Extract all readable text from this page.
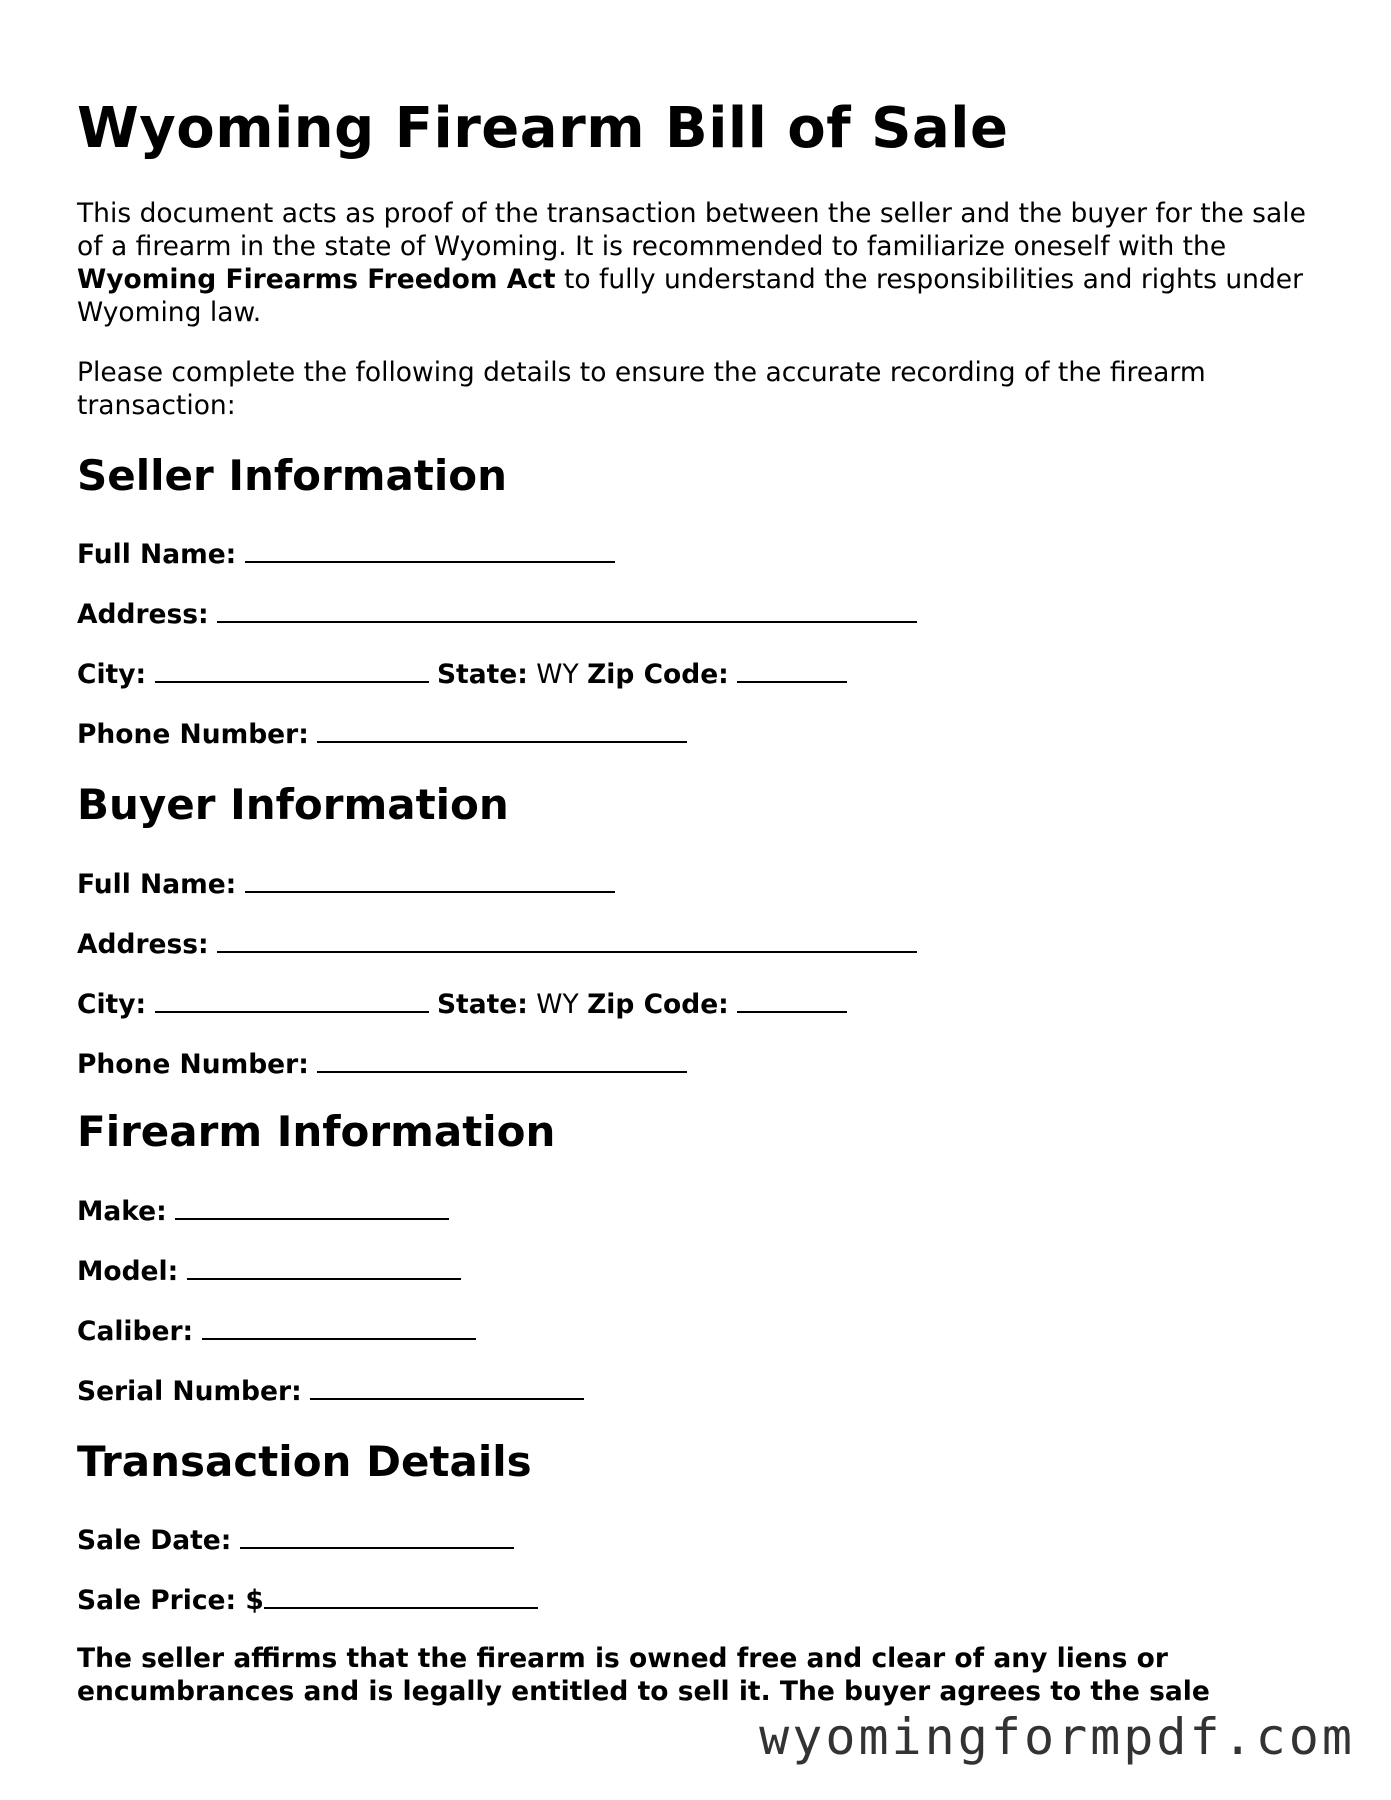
Wyoming Firearm Bill of Sale

This document acts as proof of the transaction between the seller and the buyer for the sale of a firearm in the state of Wyoming. It is recommended to familiarize oneself with the Wyoming Firearms Freedom Act to fully understand the responsibilities and rights under Wyoming law.

Please complete the following details to ensure the accurate recording of the firearm transaction:

Seller Information
Full Name:
Address:
City:	State: WY Zip Code:
Phone Number:
Buyer Information
Full Name:
Address:
City:	State: WY Zip Code:
Phone Number:
Firearm Information
Make:
Model:
Caliber:
Serial Number:
Transaction Details
Sale Date:
Sale Price: $

The seller affirms that the firearm is owned free and clear of any liens or encumbrances and is legally entitled to sell it. The buyer agrees to the sale

wyomingformpdf.com
